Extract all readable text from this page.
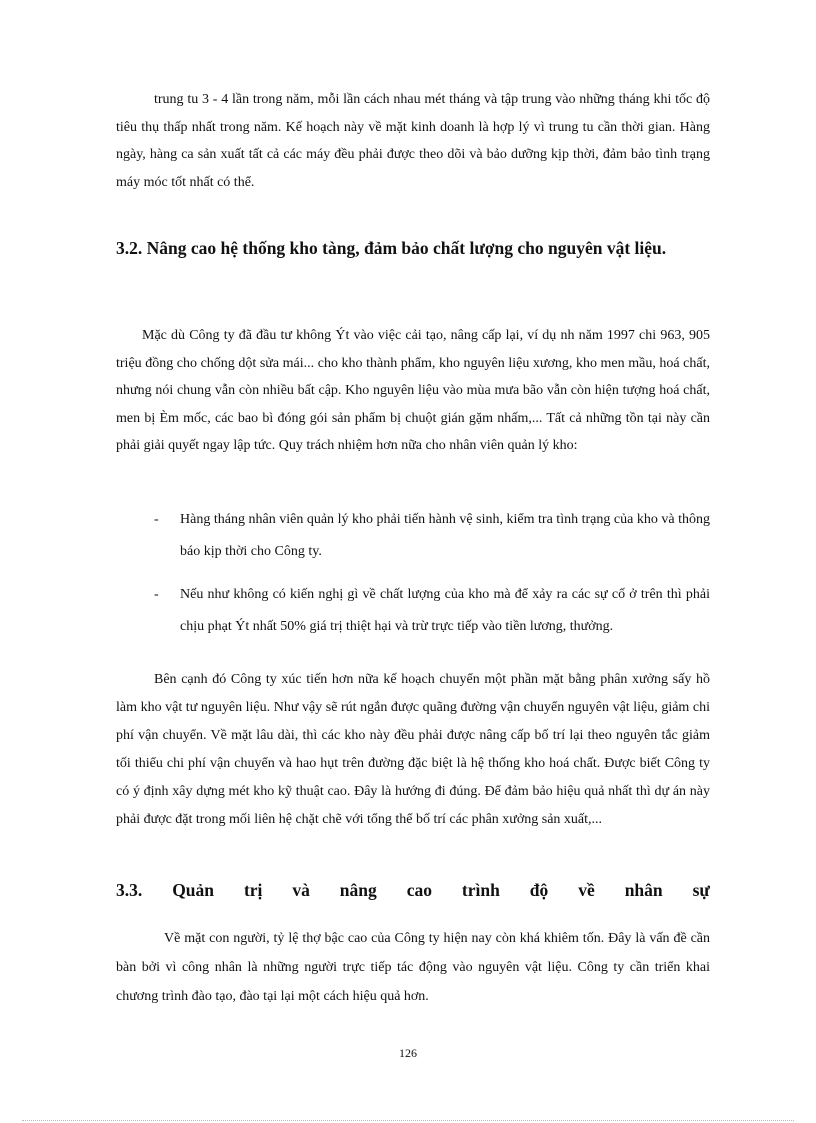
trung tu 3 - 4 lần trong năm, mỗi lần cách nhau mét tháng và tập trung vào những tháng khi tốc độ tiêu thụ thấp nhất trong năm. Kế hoạch này về mặt kinh doanh là hợp lý vì trung tu cần thời gian. Hàng ngày, hàng ca sản xuất tất cả các máy đều phải được theo dõi và bảo dưỡng kịp thời, đảm bảo tình trạng máy móc tốt nhất có thể.

3.2. Nâng cao hệ thống kho tàng, đảm bảo chất lượng cho nguyên vật liệu.

Mặc dù Công ty đã đầu tư không Ýt vào việc cải tạo, nâng cấp lại, ví dụ nh năm 1997 chi 963, 905 triệu đồng cho chống dột sửa mái... cho kho thành phẩm, kho nguyên liệu xương, kho men mầu, hoá chất, nhưng nói chung vẫn còn nhiều bất cập. Kho nguyên liệu vào mùa mưa bão vẫn còn hiện tượng hoá chất, men bị Èm mốc, các bao bì đóng gói sản phẩm bị chuột gián gặm nhấm,... Tất cả những tồn tại này cần phải giải quyết ngay lập tức. Quy trách nhiệm hơn nữa cho nhân viên quản lý kho:

- Hàng tháng nhân viên quản lý kho phải tiến hành vệ sinh, kiểm tra tình trạng của kho và thông báo kịp thời cho Công ty.
- Nếu như không có kiến nghị gì về chất lượng của kho mà để xảy ra các sự cố ở trên thì phải chịu phạt Ýt nhất 50% giá trị thiệt hại và trừ trực tiếp vào tiền lương, thưởng.

Bên cạnh đó Công ty xúc tiến hơn nữa kế hoạch chuyển một phần mặt bằng phân xưởng sấy hồ làm kho vật tư nguyên liệu. Như vậy sẽ rút ngắn được quãng đường vận chuyển nguyên vật liệu, giảm chi phí vận chuyển. Về mặt lâu dài, thì các kho này đều phải được nâng cấp bố trí lại theo nguyên tắc giảm tối thiểu chi phí vận chuyển và hao hụt trên đường đặc biệt là hệ thống kho hoá chất. Được biết Công ty có ý định xây dựng mét kho kỹ thuật cao. Đây là hướng đi đúng. Để đảm bảo hiệu quả nhất thì dự án này phải được đặt trong mối liên hệ chặt chẽ với tổng thể bố trí các phân xưởng sản xuất,...

3.3. Quản trị và nâng cao trình độ về nhân sự

Về mặt con người, tỷ lệ thợ bậc cao của Công ty hiện nay còn khá khiêm tốn. Đây là vấn đề cần bàn bởi vì công nhân là những người trực tiếp tác động vào nguyên vật liệu. Công ty cần triển khai chương trình đào tạo, đào tại lại một cách hiệu quả hơn.

126
